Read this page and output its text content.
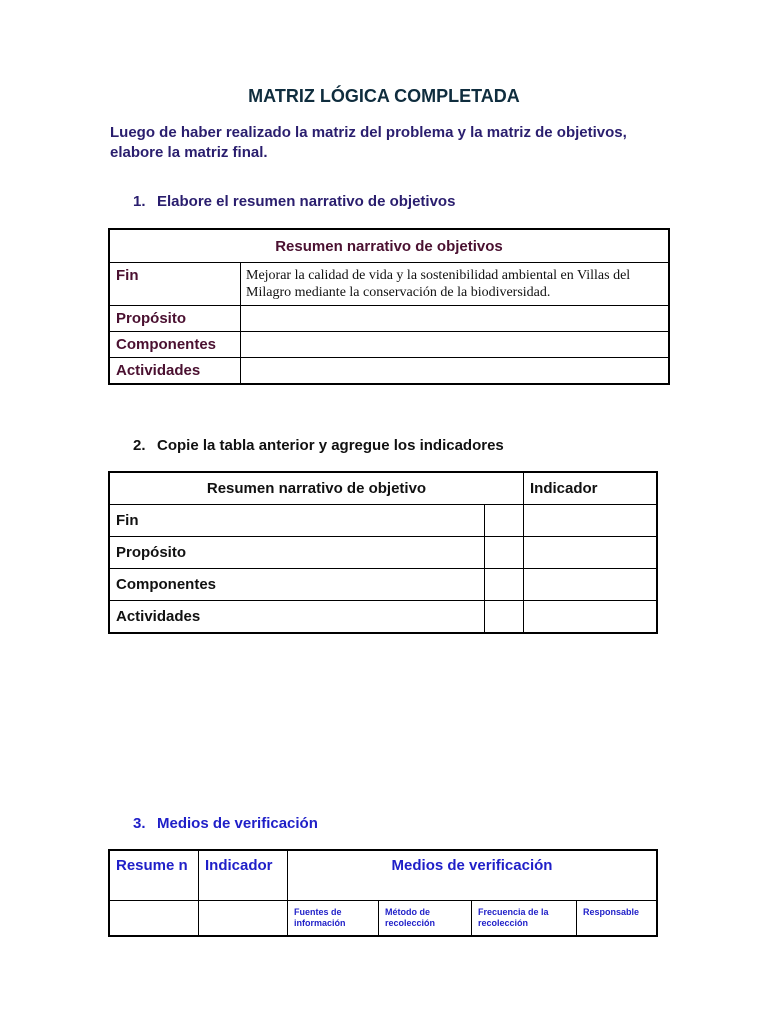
MATRIZ LÓGICA COMPLETADA
Luego de haber realizado la matriz del problema y la matriz de objetivos, elabore la matriz final.
1. Elabore el resumen narrativo de objetivos
Resumen narrativo de objetivos	
Fin	Mejorar la calidad de vida y la sostenibilidad ambiental en Villas del Milagro mediante la conservación de la biodiversidad.
Propósito	
Componentes	
Actividades	
2. Copie la tabla anterior y agregue los indicadores
Resumen narrativo de objetivo		Indicador
Fin		
Propósito		
Componentes		
Actividades		
3. Medios de verificación
Resume n	Indicador	Medios de verificación			
		Fuentes de información	Método de recolección	Frecuencia de la recolección	Responsable
